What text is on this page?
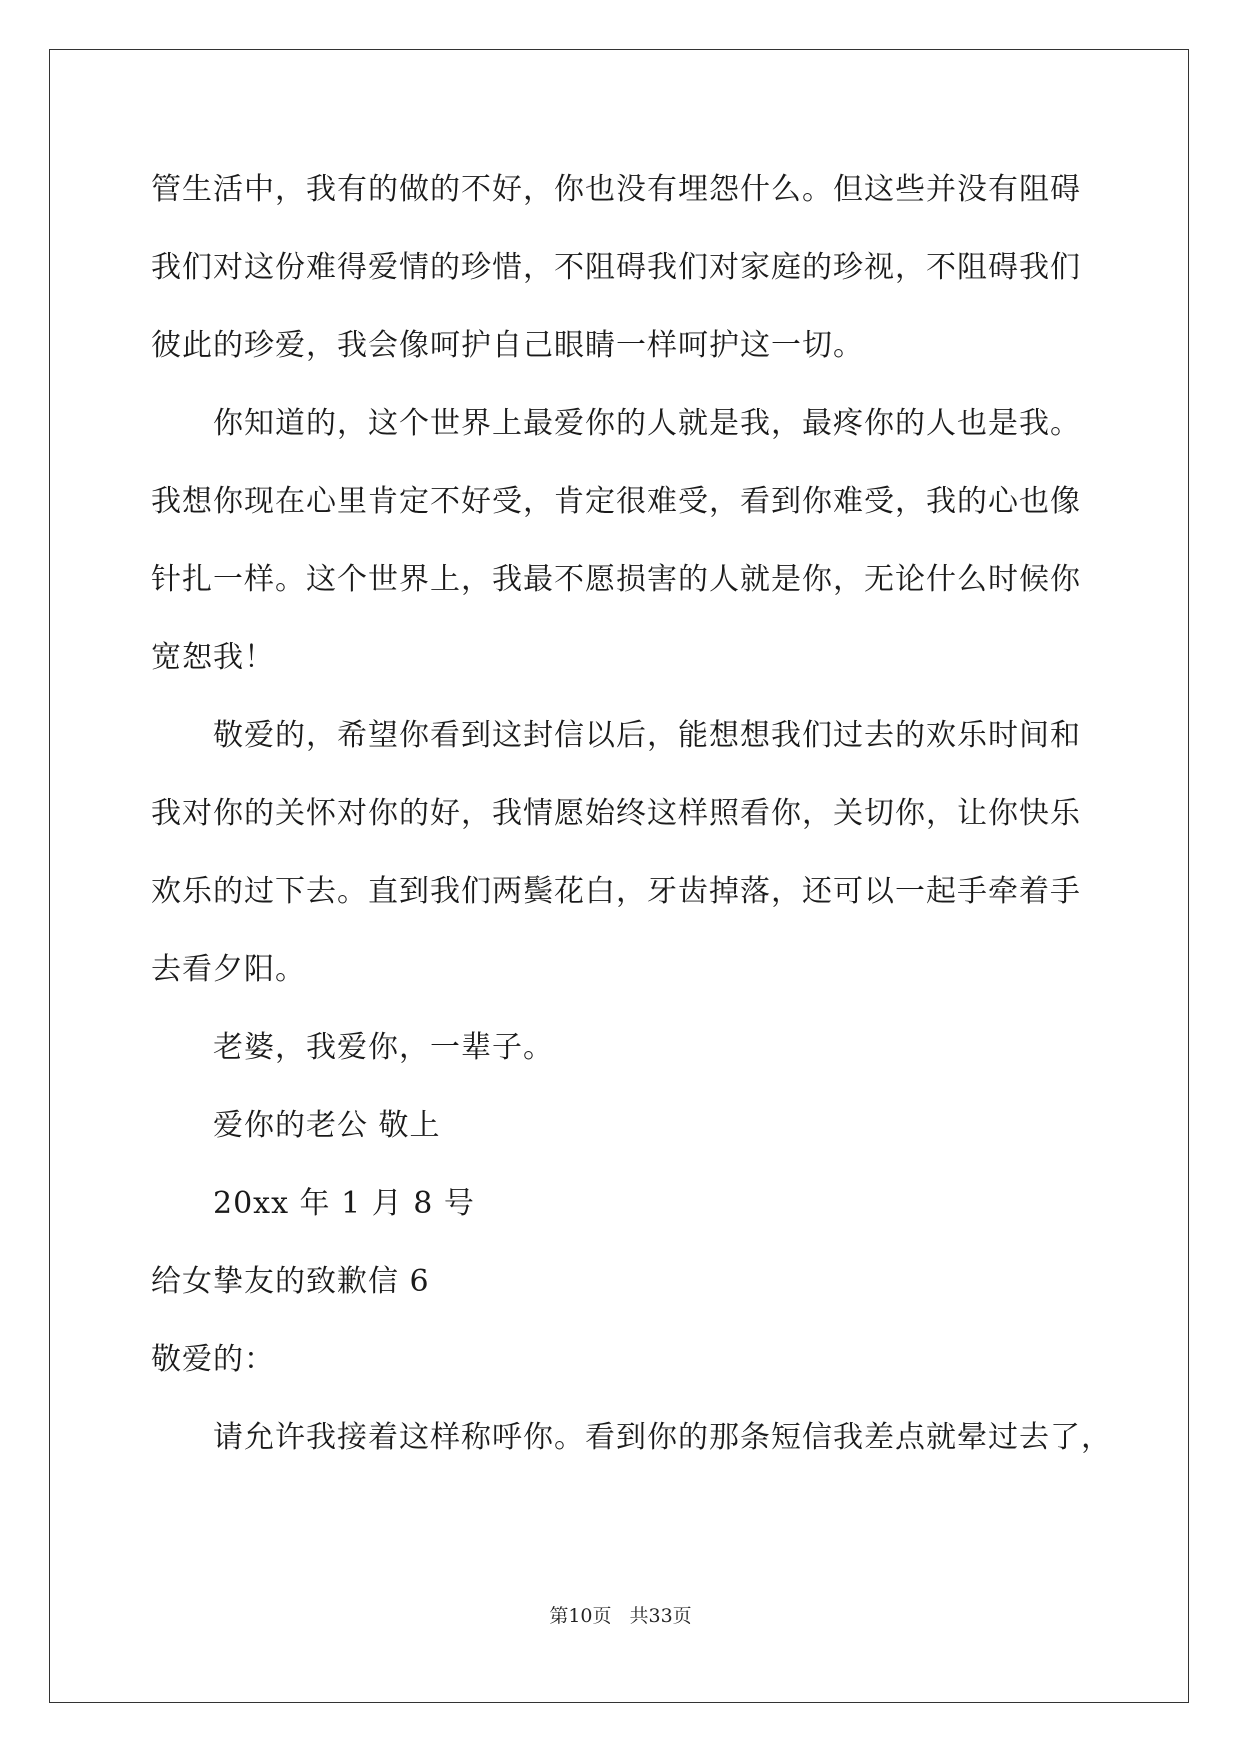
管生活中，我有的做的不好，你也没有埋怨什么。但这些并没有阻碍
我们对这份难得爱情的珍惜，不阻碍我们对家庭的珍视，不阻碍我们
彼此的珍爱，我会像呵护自己眼睛一样呵护这一切。
你知道的，这个世界上最爱你的人就是我，最疼你的人也是我。
我想你现在心里肯定不好受，肯定很难受，看到你难受，我的心也像
针扎一样。这个世界上，我最不愿损害的人就是你，无论什么时候你
宽恕我！
敬爱的，希望你看到这封信以后，能想想我们过去的欢乐时间和
我对你的关怀对你的好，我情愿始终这样照看你，关切你，让你快乐
欢乐的过下去。直到我们两鬓花白，牙齿掉落，还可以一起手牵着手
去看夕阳。
老婆，我爱你，一辈子。
爱你的老公 敬上
20xx 年 1 月 8 号
给女挚友的致歉信 6
敬爱的：
请允许我接着这样称呼你。看到你的那条短信我差点就晕过去了，
第10页 共33页
